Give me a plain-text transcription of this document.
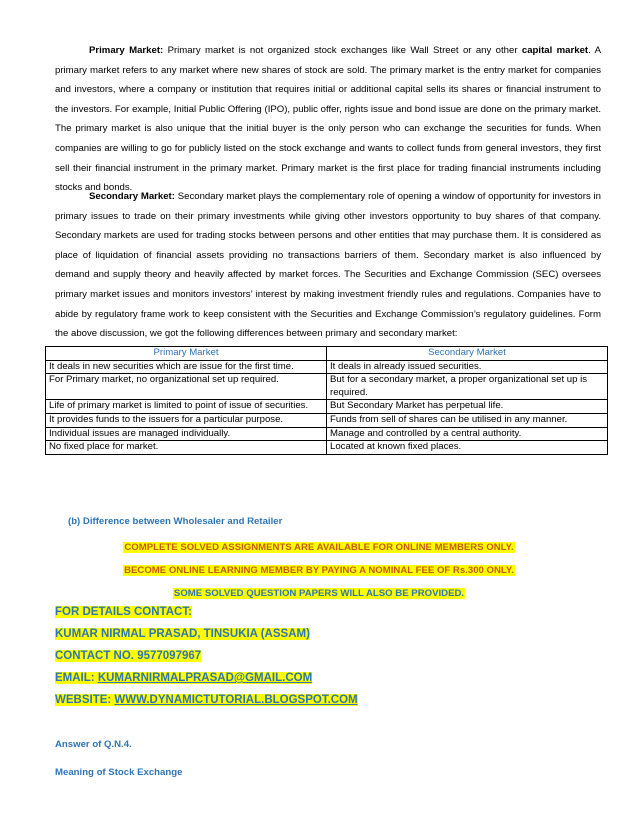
Primary Market: Primary market is not organized stock exchanges like Wall Street or any other capital market. A primary market refers to any market where new shares of stock are sold. The primary market is the entry market for companies and investors, where a company or institution that requires initial or additional capital sells its shares or financial instrument to the investors. For example, Initial Public Offering (IPO), public offer, rights issue and bond issue are done on the primary market. The primary market is also unique that the initial buyer is the only person who can exchange the securities for funds. When companies are willing to go for publicly listed on the stock exchange and wants to collect funds from general investors, they first sell their financial instrument in the primary market. Primary market is the first place for trading financial instruments including stocks and bonds.

Secondary Market: Secondary market plays the complementary role of opening a window of opportunity for investors in primary issues to trade on their primary investments while giving other investors opportunity to buy shares of that company. Secondary markets are used for trading stocks between persons and other entities that may purchase them. It is considered as place of liquidation of financial assets providing no transactions barriers of them. Secondary market is also influenced by demand and supply theory and heavily affected by market forces. The Securities and Exchange Commission (SEC) oversees primary market issues and monitors investors’ interest by making investment friendly rules and regulations. Companies have to abide by regulatory frame work to keep consistent with the Securities and Exchange Commission’s regulatory guidelines. Form the above discussion, we got the following differences between primary and secondary market:

Primary Market	Secondary Market
It deals in new securities which are issue for the first time.	It deals in already issued securities.
For Primary market, no organizational set up required.	But for a secondary market, a proper organizational set up is required.
Life of primary market is limited to point of issue of securities.	But Secondary Market has perpetual life.
It provides funds to the issuers for a particular purpose.	Funds from sell of shares can be utilised in any manner.
Individual issues are managed individually.	Manage and controlled by a central authority.
No fixed place for market.	Located at known fixed places.
(b) Difference between Wholesaler and Retailer
COMPLETE SOLVED ASSIGNMENTS ARE AVAILABLE FOR ONLINE MEMBERS ONLY.
BECOME ONLINE LEARNING MEMBER BY PAYING A NOMINAL FEE OF Rs.300 ONLY.
SOME SOLVED QUESTION PAPERS WILL ALSO BE PROVIDED.
FOR DETAILS CONTACT:
KUMAR NIRMAL PRASAD, TINSUKIA (ASSAM)
CONTACT NO. 9577097967
EMAIL: KUMARNIRMALPRASAD@GMAIL.COM
WEBSITE: WWW.DYNAMICTUTORIAL.BLOGSPOT.COM
Answer of Q.N.4.
Meaning of Stock Exchange
